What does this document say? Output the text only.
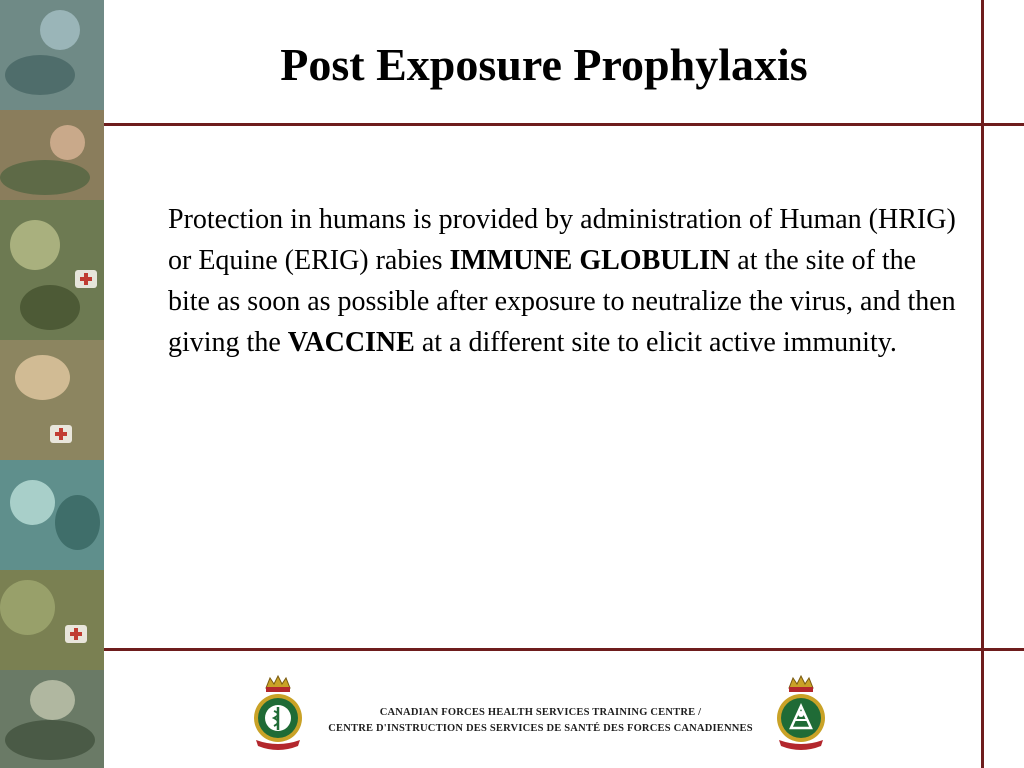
Post Exposure Prophylaxis
Protection in humans is provided by administration of Human (HRIG) or Equine (ERIG) rabies IMMUNE GLOBULIN at the site of the bite as soon as possible after exposure to neutralize the virus, and then giving the VACCINE at a different site to elicit active immunity.
CANADIAN FORCES HEALTH SERVICES TRAINING CENTRE /
CENTRE D'INSTRUCTION DES SERVICES DE SANTÉ DES FORCES CANADIENNES
